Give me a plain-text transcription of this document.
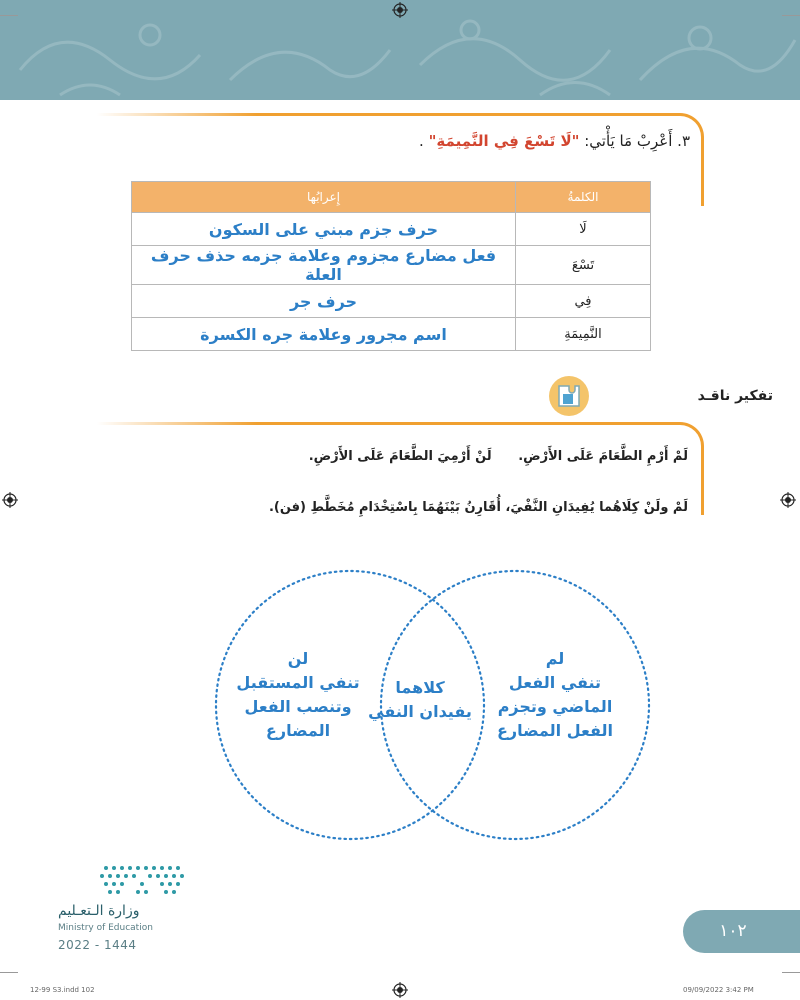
٣. أَعْرِبْ مَا يَأْتي: "لَا تَسْعَ فِي النَّمِيمَةِ" .
الكلمةُ	إِعرابُها
لَا	حرف جزم مبني على السكون
تَسْعَ	فعل مضارع مجزوم وعلامة جزمه حذف حرف العلة
فِي	حرف جر
النَّمِيمَةِ	اسم مجرور وعلامة جره الكسرة
تفكير ناقـد
لَمْ أَرْمِ الطَّعَامَ عَلَى الأَرْضِ. لَنْ أَرْمِيَ الطَّعَامَ عَلَى الأَرْضِ.
لَمْ ولَنْ كِلَاهُما يُفِيدَانِ النَّفْيَ، أُقَارِنُ بَيْنَهُمَا بِاسْتِخْدَامِ مُخَطَّطِ (فن).
لم
تنفي الفعل
الماضي وتجزم
الفعل المضارع
كلاهما
يفيدان النفي
لن
تنفي المستقبل
وتنصب الفعل
المضارع
وزارة الـتعـليم
Ministry of Education
2022 - 1444
١٠٢
12-99 S3.indd 102	09/09/2022 3:42 PM
